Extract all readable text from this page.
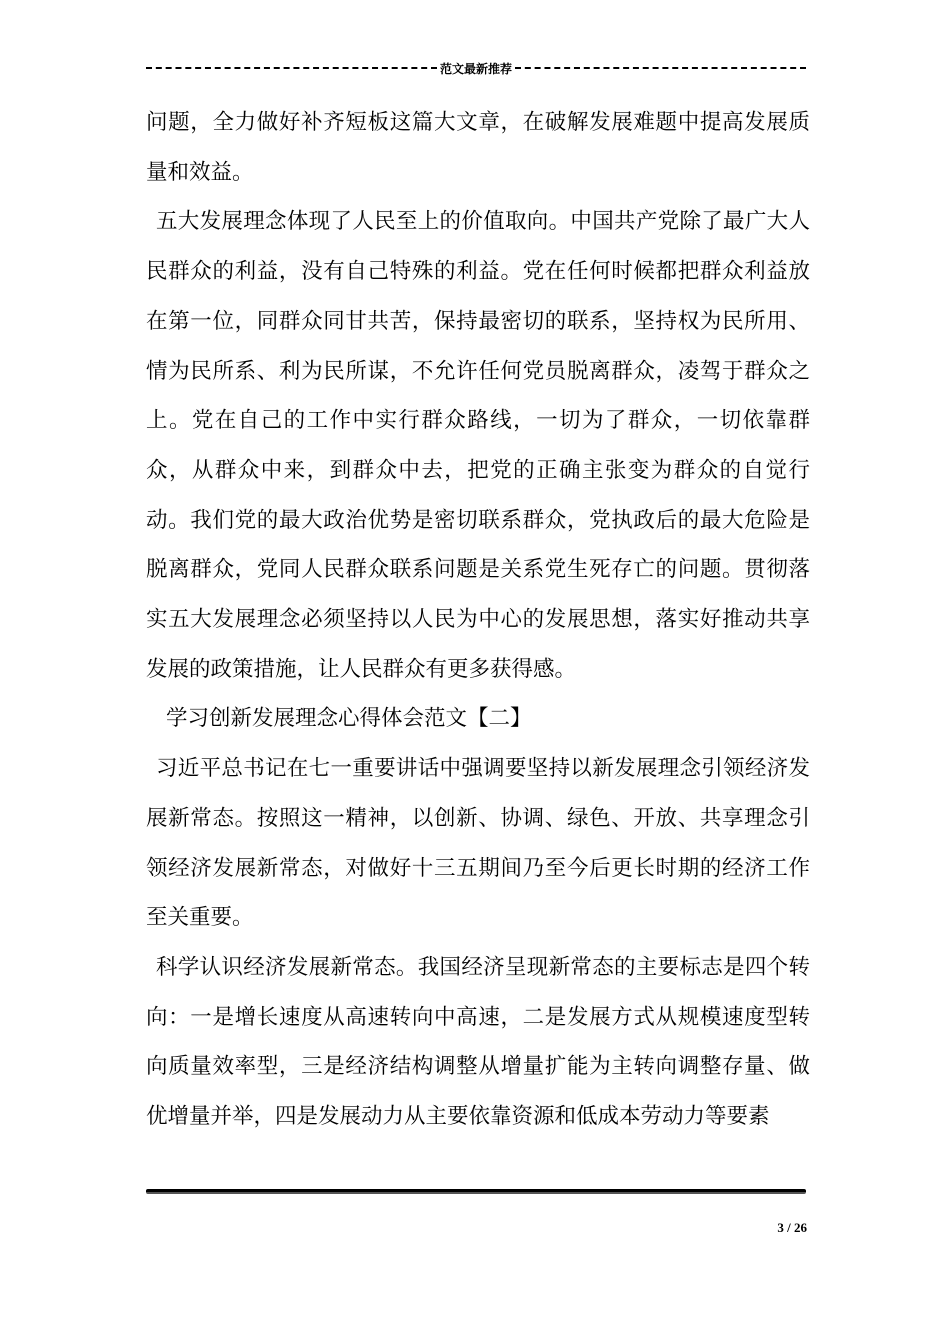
范文最新推荐

问题，全力做好补齐短板这篇大文章，在破解发展难题中提高发展质量和效益。

五大发展理念体现了人民至上的价值取向。中国共产党除了最广大人民群众的利益，没有自己特殊的利益。党在任何时候都把群众利益放在第一位，同群众同甘共苦，保持最密切的联系，坚持权为民所用、情为民所系、利为民所谋，不允许任何党员脱离群众，凌驾于群众之上。党在自己的工作中实行群众路线，一切为了群众，一切依靠群众，从群众中来，到群众中去，把党的正确主张变为群众的自觉行动。我们党的最大政治优势是密切联系群众，党执政后的最大危险是脱离群众，党同人民群众联系问题是关系党生死存亡的问题。贯彻落实五大发展理念必须坚持以人民为中心的发展思想，落实好推动共享发展的政策措施，让人民群众有更多获得感。

学习创新发展理念心得体会范文【二】

习近平总书记在七一重要讲话中强调要坚持以新发展理念引领经济发展新常态。按照这一精神，以创新、协调、绿色、开放、共享理念引领经济发展新常态，对做好十三五期间乃至今后更长时期的经济工作至关重要。

科学认识经济发展新常态。我国经济呈现新常态的主要标志是四个转向：一是增长速度从高速转向中高速，二是发展方式从规模速度型转向质量效率型，三是经济结构调整从增量扩能为主转向调整存量、做优增量并举，四是发展动力从主要依靠资源和低成本劳动力等要素

3 / 26
